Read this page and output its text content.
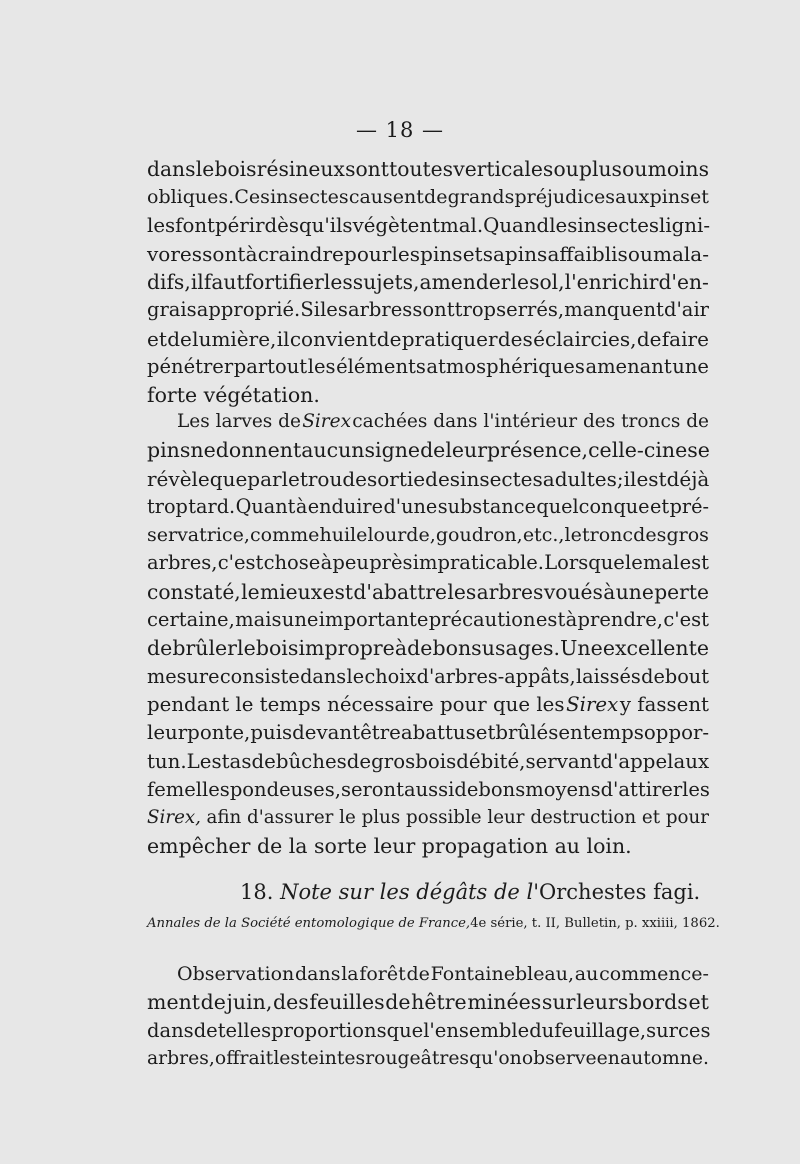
— 18 —
dans le bois résineux sont toutes verticales ou plus ou moins
obliques. Ces insectes causent de grands préjudices aux pins et
les font périr dès qu'ils végètent mal. Quand les insectes ligni-
vores sont à craindre pour les pins et sapins affaiblis ou mala-
difs, il faut fortifier les sujets, amender le sol, l'enrichir d'en-
grais approprié. Si les arbres sont trop serrés, manquent d'air
et de lumière, il convient de pratiquer des éclaircies, de faire
pénétrer partout les éléments atmosphériques amenant une
forte végétation.
Les larves de Sirex cachées dans l'intérieur des troncs de
pins ne donnent aucun signe de leur présence, celle-ci ne se
révèle que par le trou de sortie des insectes adultes ; il est déjà
trop tard. Quant à enduire d'une substance quelconque et pré-
servatrice, comme huile lourde, goudron, etc., le tronc des gros
arbres, c'est chose à peu près impraticable. Lorsque le mal est
constaté, le mieux est d'abattre les arbres voués à une perte
certaine, mais une importante précaution est à prendre, c'est
de brûler le bois impropre à de bons usages. Une excellente
mesure consiste dans le choix d'arbres-appâts, laissés debout
pendant le temps nécessaire pour que les Sirex y fassent
leur ponte, puis devant être abattus et brûlés en temps oppor-
tun. Les tas de bûches de gros bois débité, servant d'appel aux
femelles pondeuses, seront aussi de bons moyens d'attirer les
Sirex, afin d'assurer le plus possible leur destruction et pour
empêcher de la sorte leur propagation au loin.
18. Note sur les dégâts de l'Orchestes fagi.
Annales de la Société entomologique de France, 4e série, t. II, Bulletin, p. xxiiii, 1862.
Observation dans la forêt de Fontainebleau, au commence-
ment de juin, des feuilles de hêtre minées sur leurs bords et
dans de telles proportions que l'ensemble du feuillage, sur ces
arbres, offrait les teintes rougeâtres qu'on observe en automne.
